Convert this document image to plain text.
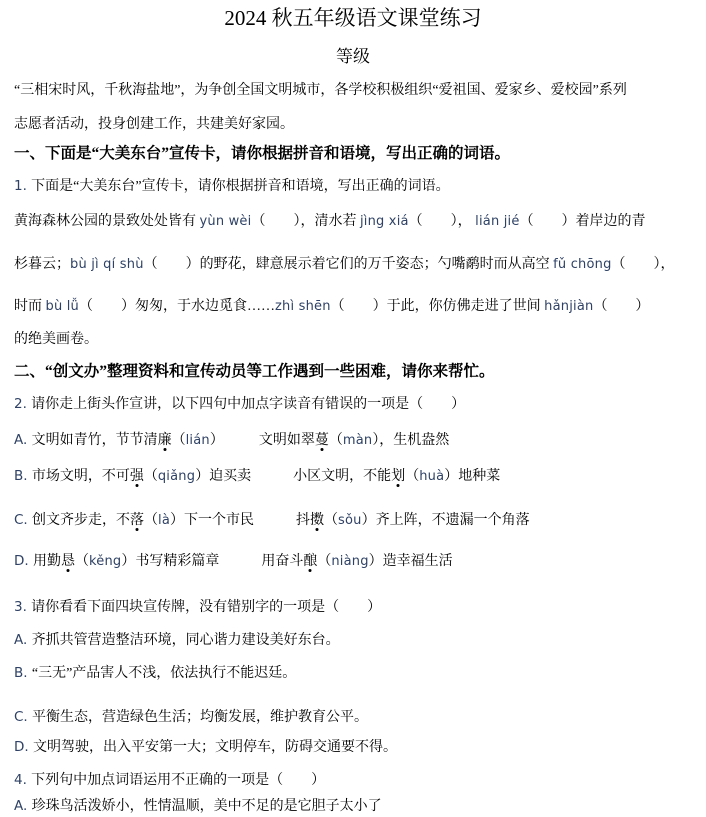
2024 秋五年级语文课堂练习
等级
“三相宋时风，千秋海盐地”，为争创全国文明城市，各学校积极组织“爱祖国、爱家乡、爱校园”系列
志愿者活动，投身创建工作，共建美好家园。
一、下面是“大美东台”宣传卡，请你根据拼音和语境，写出正确的词语。
1. 下面是“大美东台”宣传卡，请你根据拼音和语境，写出正确的词语。
黄海森林公园的景致处处皆有 yùn wèi（　　），清水若 jìng xiá（　　）， lián jié（　　）着岸边的青
杉暮云；bù jì qí shù（　　）的野花，肆意展示着它们的万千姿态；勺嘴鹬时而从高空 fǔ chōng（　　），
时而 bù lǚ（　　）匆匆，于水边觅食……zhì shēn（　　）于此，你仿佛走进了世间 hǎnjiàn（　　）
的绝美画卷。
二、“创文办”整理资料和宣传动员等工作遇到一些困难，请你来帮忙。
2. 请你走上街头作宣讲，以下四句中加点字读音有错误的一项是（　　）
A. 文明如青竹，节节清廉（lián）　　　文明如翠蔓（màn），生机盎然
B. 市场文明，不可强（qiǎng）迫买卖　　　小区文明，不能划（huà）地种菜
C. 创文齐步走，不落（là）下一个市民　　　抖擞（sǒu）齐上阵，不遗漏一个角落
D. 用勤恳（kěng）书写精彩篇章　　　用奋斗酿（niàng）造幸福生活
3. 请你看看下面四块宣传牌，没有错别字的一项是（　　）
A. 齐抓共管营造整洁环境，同心谐力建设美好东台。
B. “三无”产品害人不浅，依法执行不能迟廷。
C. 平衡生态，营造绿色生活；均衡发展，维护教育公平。
D. 文明驾驶，出入平安第一大；文明停车，防碍交通要不得。
4. 下列句中加点词语运用不正确的一项是（　　）
A. 珍珠鸟活泼娇小，性情温顺，美中不足的是它胆子太小了
